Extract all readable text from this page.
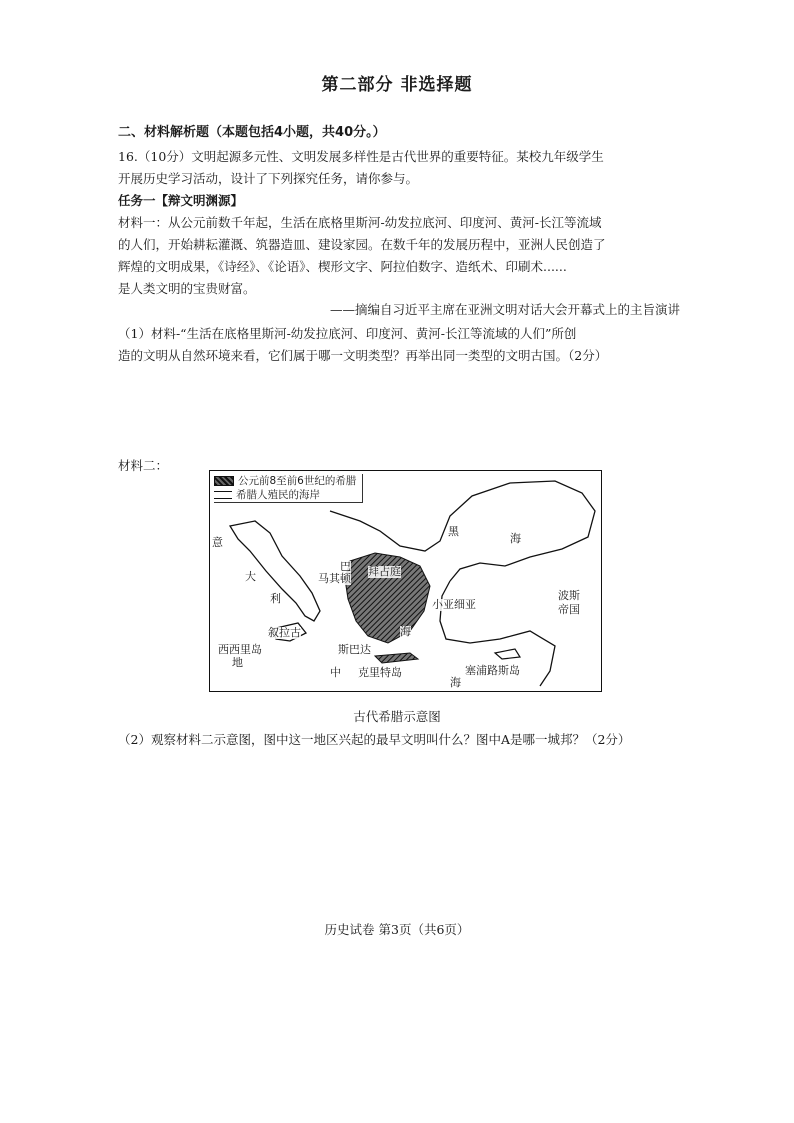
第二部分 非选择题
二、材料解析题（本题包括4小题，共40分。）
16.（10分）文明起源多元性、文明发展多样性是古代世界的重要特征。某校九年级学生
开展历史学习活动，设计了下列探究任务，请你参与。
任务一【辩文明渊源】
材料一：从公元前数千年起，生活在底格里斯河-幼发拉底河、印度河、黄河-长江等流域
的人们，开始耕耘灌溉、筑器造皿、建设家园。在数千年的发展历程中，亚洲人民创造了
辉煌的文明成果，《诗经》、《论语》、楔形文字、阿拉伯数字、造纸术、印刷术......
是人类文明的宝贵财富。
——摘编自习近平主席在亚洲文明对话大会开幕式上的主旨演讲
（1）材料-“生活在底格里斯河-幼发拉底河、印度河、黄河-长江等流域的人们”所创
造的文明从自然环境来看，它们属于哪一文明类型？再举出同一类型的文明古国。（2分）
材料二：
公元前8至前6世纪的希腊
希腊人殖民的海岸
意
大
利
叙拉古
西西里岛
地
中
海
巴
马其顿
拜占庭
黑
海
小亚细亚
波斯帝国
海
斯巴达
克里特岛	塞浦路斯岛
古代希腊示意图
（2）观察材料二示意图，图中这一地区兴起的最早文明叫什么？图中A是哪一城邦？（2分）
历史试卷 第3页（共6页）
